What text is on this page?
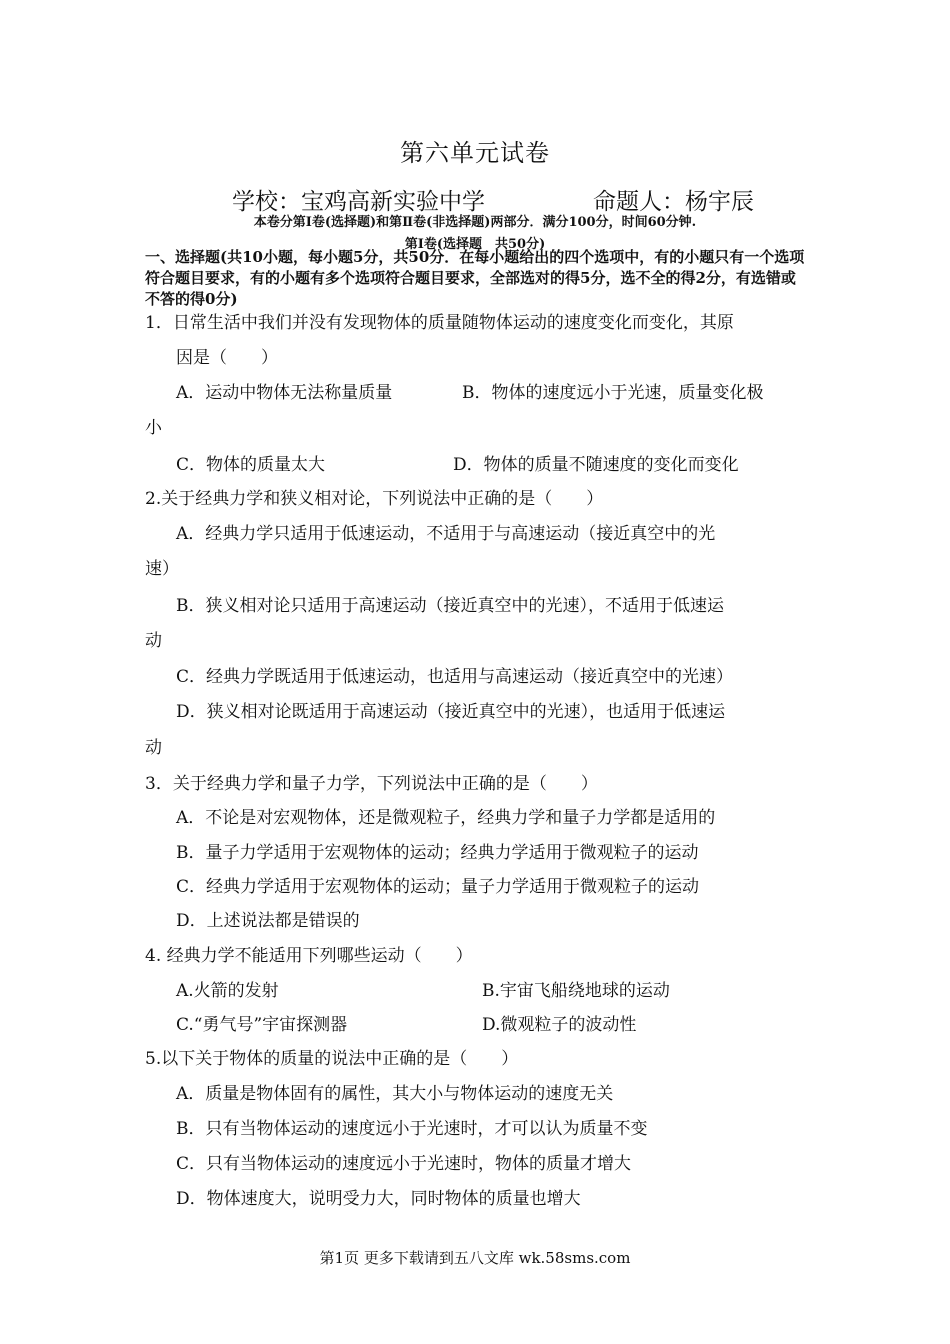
第六单元试卷
学校：宝鸡高新实验中学	命题人：杨宇辰
本卷分第Ⅰ卷(选择题)和第Ⅱ卷(非选择题)两部分．满分100分，时间60分钟.
第Ⅰ卷(选择题　共50分)
一、选择题(共10小题，每小题5分，共50分．在每小题给出的四个选项中，有的小题只有一个选项符合题目要求，有的小题有多个选项符合题目要求，全部选对的得5分，选不全的得2分，有选错或不答的得0分)
1．日常生活中我们并没有发现物体的质量随物体运动的速度变化而变化，其原
因是（　　）
A．运动中物体无法称量质量	B．物体的速度远小于光速，质量变化极
小
C．物体的质量太大	D．物体的质量不随速度的变化而变化
2.关于经典力学和狭义相对论，下列说法中正确的是（　　）
A．经典力学只适用于低速运动，不适用于与高速运动（接近真空中的光
速）
B．狭义相对论只适用于高速运动（接近真空中的光速），不适用于低速运
动
C．经典力学既适用于低速运动，也适用与高速运动（接近真空中的光速）
D．狭义相对论既适用于高速运动（接近真空中的光速），也适用于低速运
动
3．关于经典力学和量子力学，下列说法中正确的是（　　）
A．不论是对宏观物体，还是微观粒子，经典力学和量子力学都是适用的
B．量子力学适用于宏观物体的运动；经典力学适用于微观粒子的运动
C．经典力学适用于宏观物体的运动；量子力学适用于微观粒子的运动
D．上述说法都是错误的
4. 经典力学不能适用下列哪些运动（　　）
A.火箭的发射	B.宇宙飞船绕地球的运动
C.“勇气号”宇宙探测器	D.微观粒子的波动性
5.以下关于物体的质量的说法中正确的是（　　）
A．质量是物体固有的属性，其大小与物体运动的速度无关
B．只有当物体运动的速度远小于光速时，才可以认为质量不变
C．只有当物体运动的速度远小于光速时，物体的质量才增大
D．物体速度大，说明受力大，同时物体的质量也增大
第1页 更多下载请到五八文库 wk.58sms.com
